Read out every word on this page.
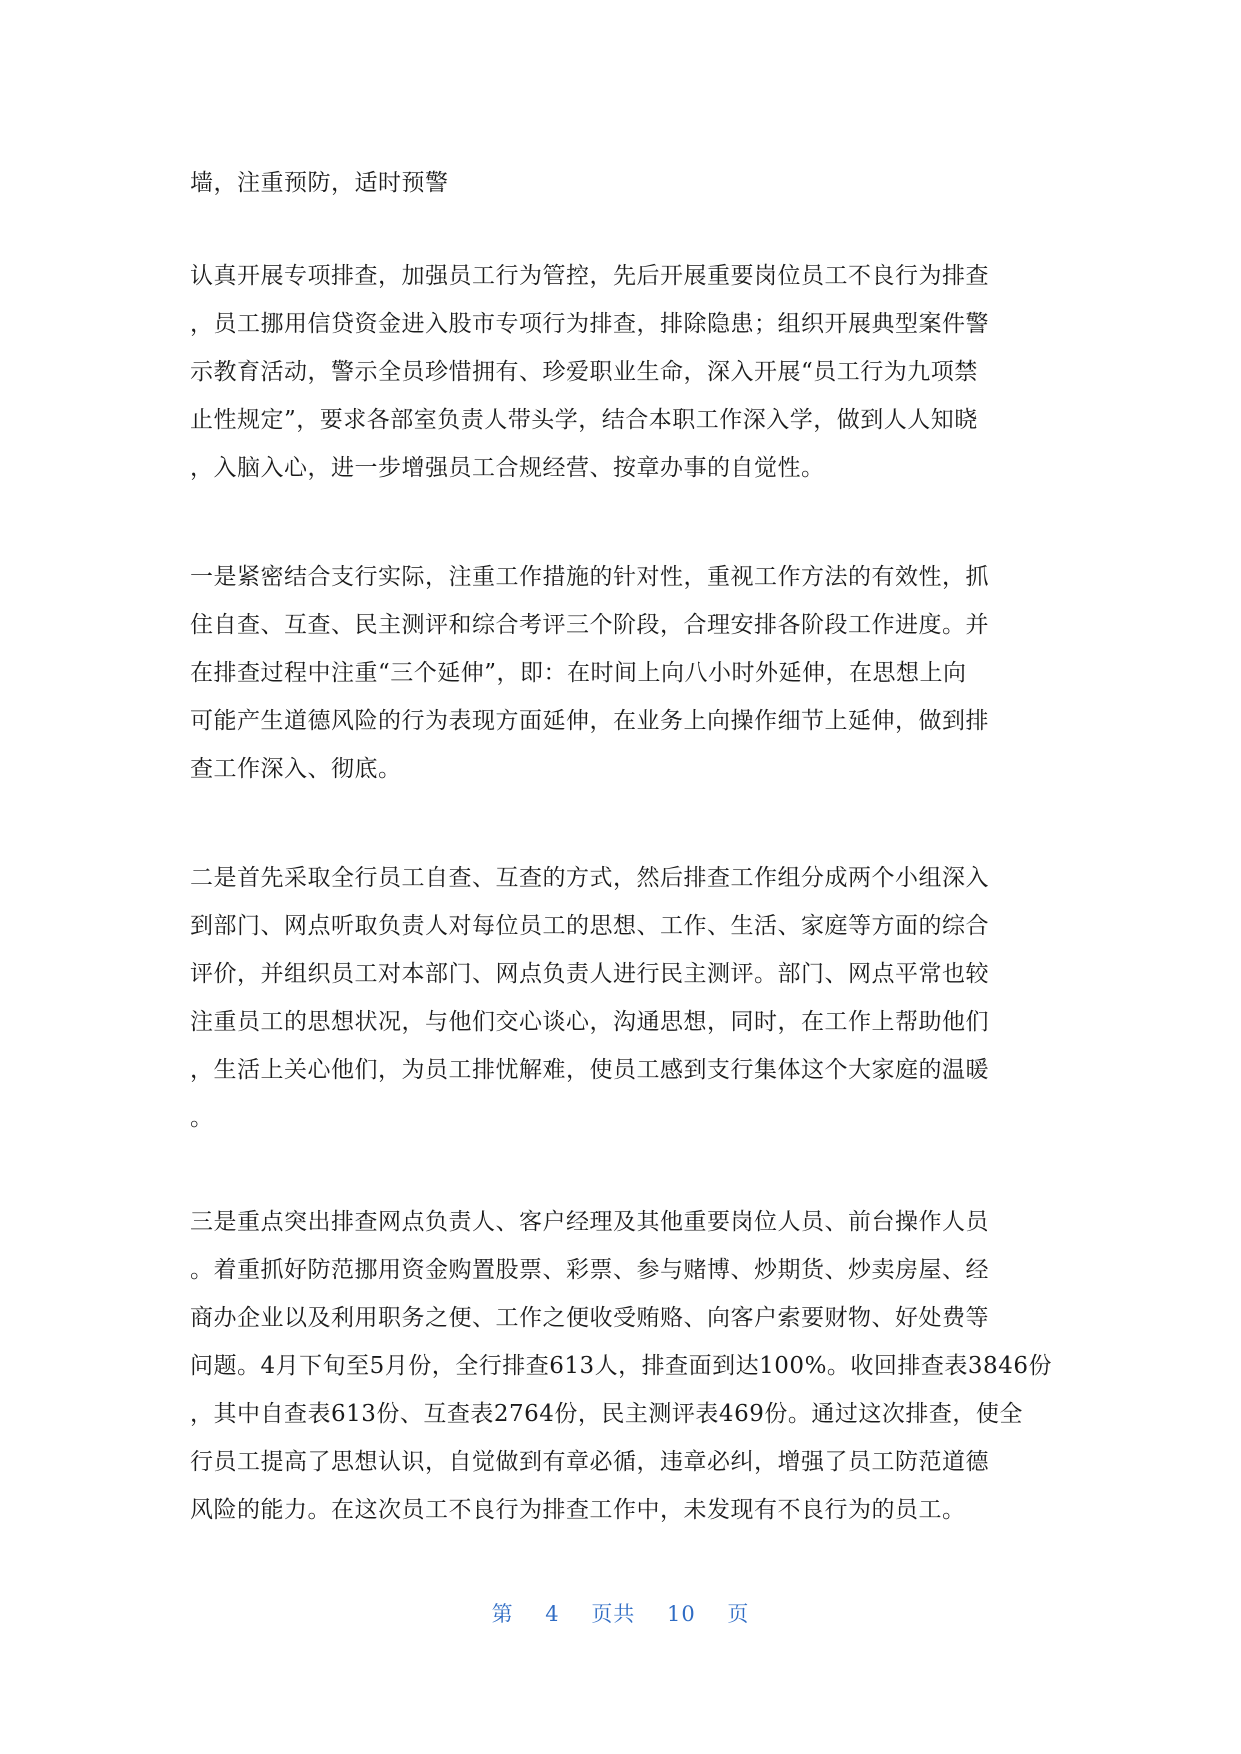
墙，注重预防，适时预警
认真开展专项排查，加强员工行为管控，先后开展重要岗位员工不良行为排查
，员工挪用信贷资金进入股市专项行为排查，排除隐患；组织开展典型案件警
示教育活动，警示全员珍惜拥有、珍爱职业生命，深入开展“员工行为九项禁
止性规定”，要求各部室负责人带头学，结合本职工作深入学，做到人人知晓
，入脑入心，进一步增强员工合规经营、按章办事的自觉性。
一是紧密结合支行实际，注重工作措施的针对性，重视工作方法的有效性，抓
住自查、互查、民主测评和综合考评三个阶段，合理安排各阶段工作进度。并
在排查过程中注重“三个延伸”，即：在时间上向八小时外延伸，在思想上向
可能产生道德风险的行为表现方面延伸，在业务上向操作细节上延伸，做到排
查工作深入、彻底。
二是首先采取全行员工自查、互查的方式，然后排查工作组分成两个小组深入
到部门、网点听取负责人对每位员工的思想、工作、生活、家庭等方面的综合
评价，并组织员工对本部门、网点负责人进行民主测评。部门、网点平常也较
注重员工的思想状况，与他们交心谈心，沟通思想，同时，在工作上帮助他们
，生活上关心他们，为员工排忧解难，使员工感到支行集体这个大家庭的温暖
。
三是重点突出排查网点负责人、客户经理及其他重要岗位人员、前台操作人员
。着重抓好防范挪用资金购置股票、彩票、参与赌博、炒期货、炒卖房屋、经
商办企业以及利用职务之便、工作之便收受贿赂、向客户索要财物、好处费等
问题。4月下旬至5月份，全行排查613人，排查面到达100%。收回排查表3846份
，其中自查表613份、互查表2764份，民主测评表469份。通过这次排查，使全
行员工提高了思想认识，自觉做到有章必循，违章必纠，增强了员工防范道德
风险的能力。在这次员工不良行为排查工作中，未发现有不良行为的员工。
第 4 页共 10 页
